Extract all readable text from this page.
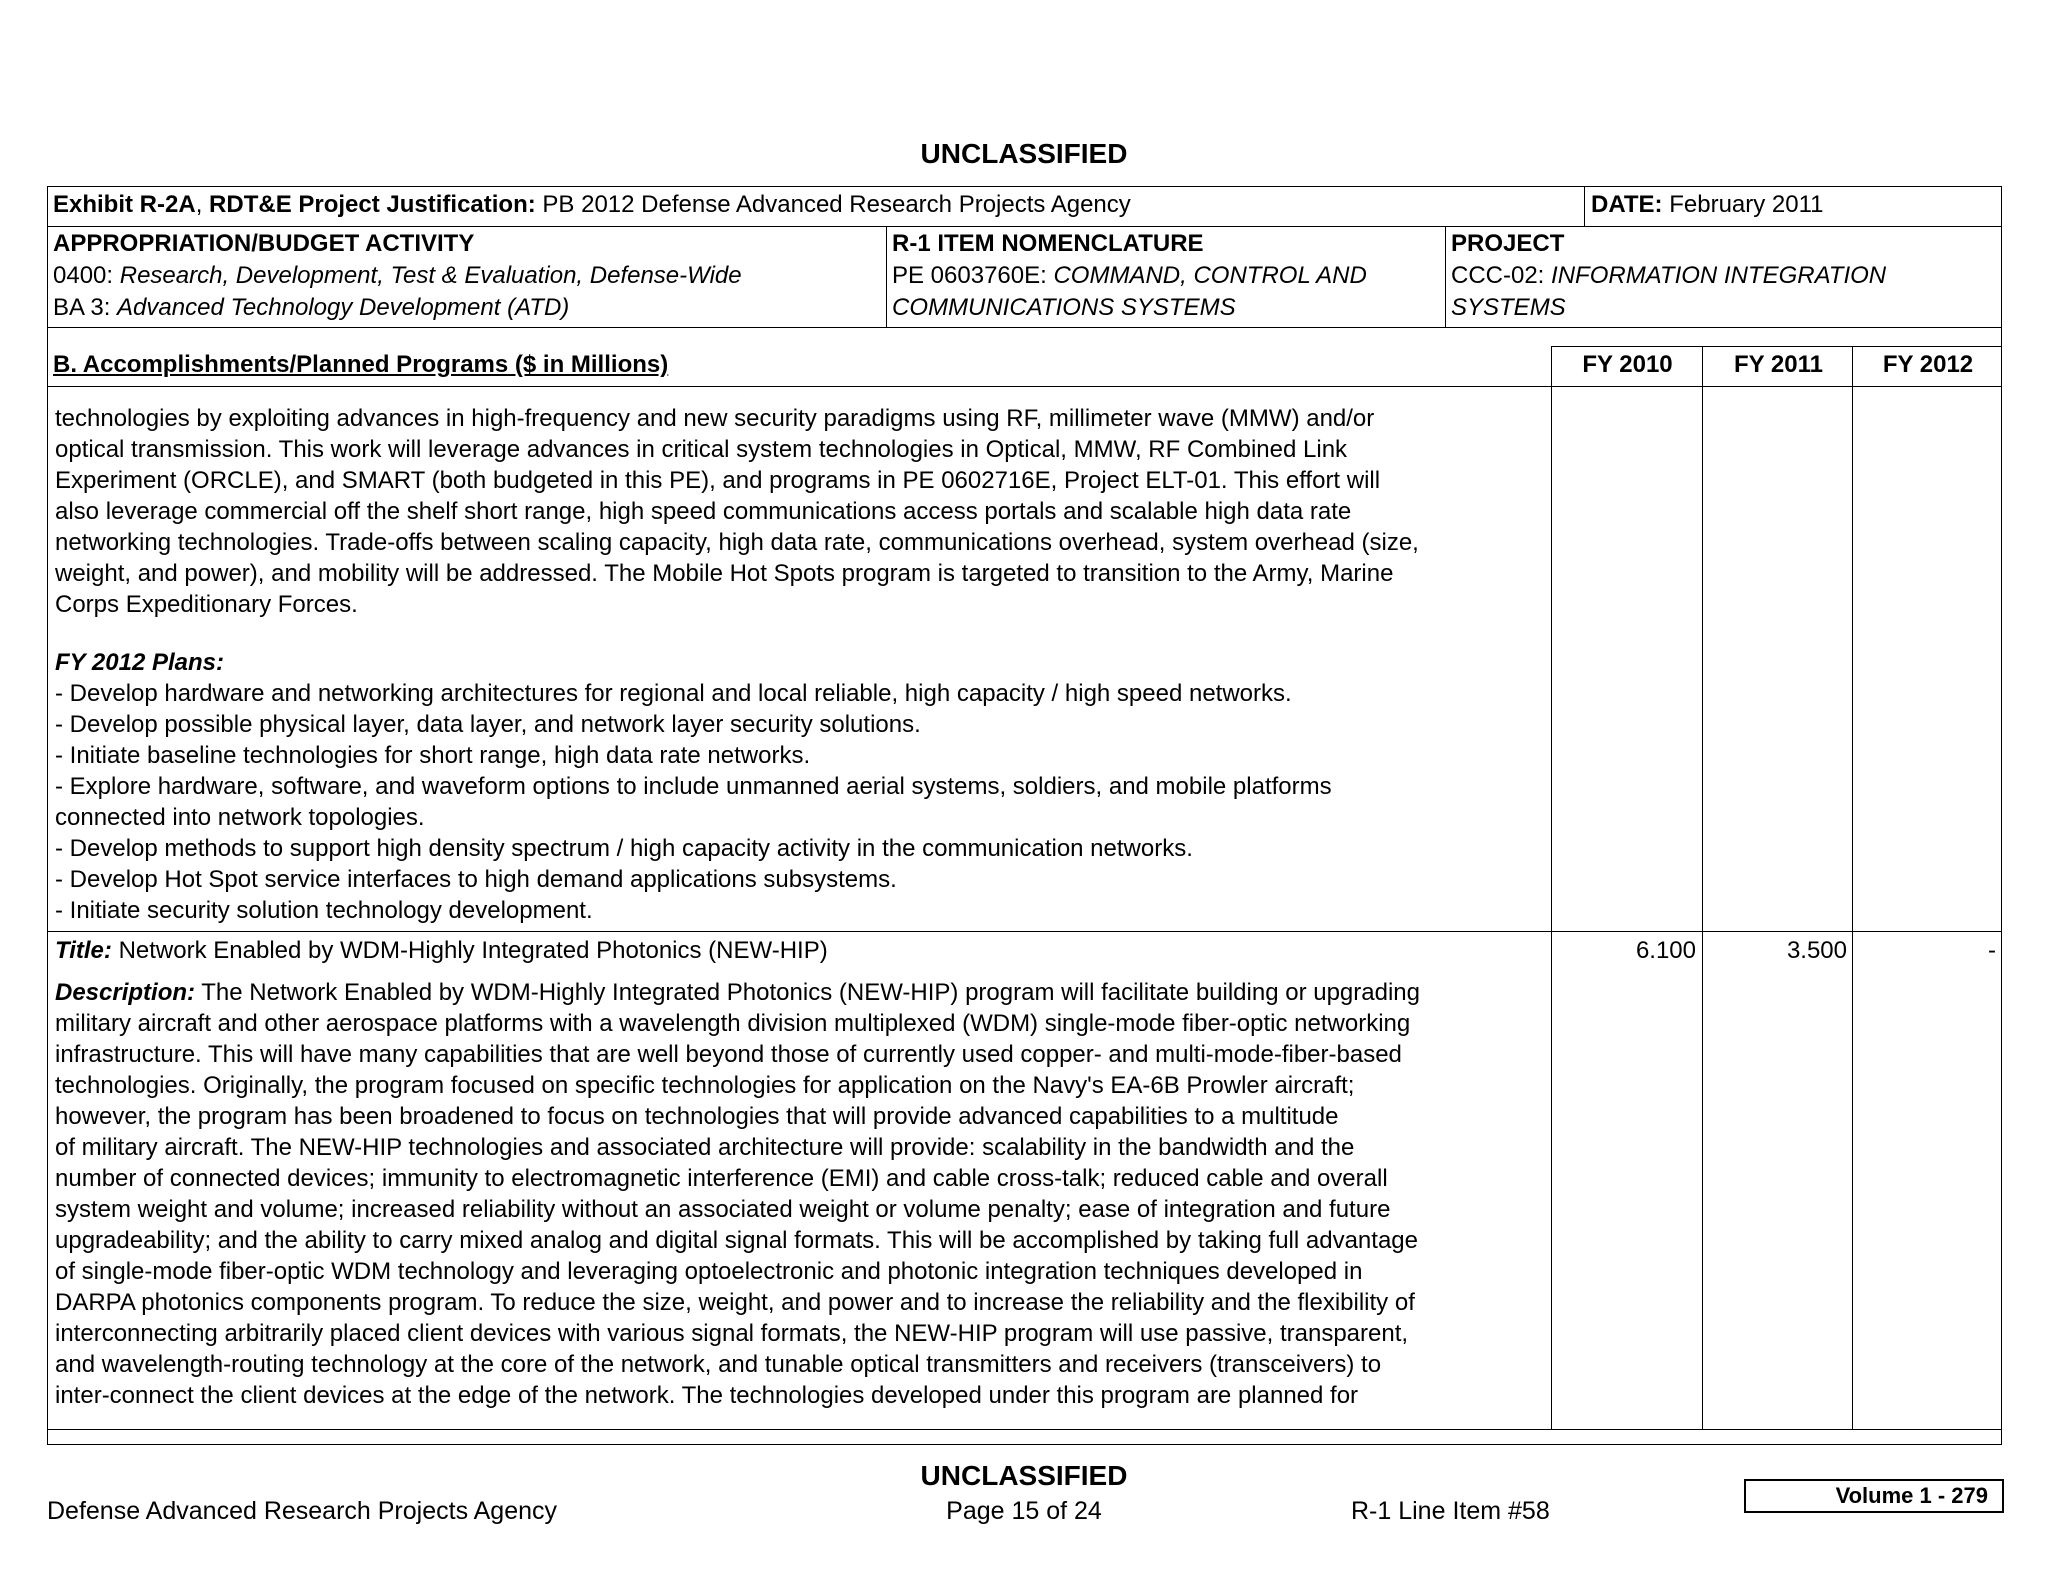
UNCLASSIFIED
Exhibit R-2A, RDT&E Project Justification: PB 2012 Defense Advanced Research Projects Agency	DATE: February 2011
APPROPRIATION/BUDGET ACTIVITY
0400: Research, Development, Test & Evaluation, Defense-Wide
BA 3: Advanced Technology Development (ATD)
R-1 ITEM NOMENCLATURE
PE 0603760E: COMMAND, CONTROL AND
COMMUNICATIONS SYSTEMS
PROJECT
CCC-02: INFORMATION INTEGRATION
SYSTEMS
B. Accomplishments/Planned Programs ($ in Millions)	FY 2010	FY 2011	FY 2012
technologies by exploiting advances in high-frequency and new security paradigms using RF, millimeter wave (MMW) and/or
optical transmission. This work will leverage advances in critical system technologies in Optical, MMW, RF Combined Link
Experiment (ORCLE), and SMART (both budgeted in this PE), and programs in PE 0602716E, Project ELT-01. This effort will
also leverage commercial off the shelf short range, high speed communications access portals and scalable high data rate
networking technologies. Trade-offs between scaling capacity, high data rate, communications overhead, system overhead (size,
weight, and power), and mobility will be addressed. The Mobile Hot Spots program is targeted to transition to the Army, Marine
Corps Expeditionary Forces.
FY 2012 Plans:
- Develop hardware and networking architectures for regional and local reliable, high capacity / high speed networks.
- Develop possible physical layer, data layer, and network layer security solutions.
- Initiate baseline technologies for short range, high data rate networks.
- Explore hardware, software, and waveform options to include unmanned aerial systems, soldiers, and mobile platforms
connected into network topologies.
- Develop methods to support high density spectrum / high capacity activity in the communication networks.
- Develop Hot Spot service interfaces to high demand applications subsystems.
- Initiate security solution technology development.
Title: Network Enabled by WDM-Highly Integrated Photonics (NEW-HIP)	6.100	3.500	-
Description: The Network Enabled by WDM-Highly Integrated Photonics (NEW-HIP) program will facilitate building or upgrading
military aircraft and other aerospace platforms with a wavelength division multiplexed (WDM) single-mode fiber-optic networking
infrastructure. This will have many capabilities that are well beyond those of currently used copper- and multi-mode-fiber-based
technologies. Originally, the program focused on specific technologies for application on the Navy's EA-6B Prowler aircraft;
however, the program has been broadened to focus on technologies that will provide advanced capabilities to a multitude
of military aircraft. The NEW-HIP technologies and associated architecture will provide: scalability in the bandwidth and the
number of connected devices; immunity to electromagnetic interference (EMI) and cable cross-talk; reduced cable and overall
system weight and volume; increased reliability without an associated weight or volume penalty; ease of integration and future
upgradeability; and the ability to carry mixed analog and digital signal formats. This will be accomplished by taking full advantage
of single-mode fiber-optic WDM technology and leveraging optoelectronic and photonic integration techniques developed in
DARPA photonics components program. To reduce the size, weight, and power and to increase the reliability and the flexibility of
interconnecting arbitrarily placed client devices with various signal formats, the NEW-HIP program will use passive, transparent,
and wavelength-routing technology at the core of the network, and tunable optical transmitters and receivers (transceivers) to
inter-connect the client devices at the edge of the network. The technologies developed under this program are planned for
UNCLASSIFIED
Defense Advanced Research Projects Agency	Page 15 of 24	R-1 Line Item #58
Volume 1 - 279
